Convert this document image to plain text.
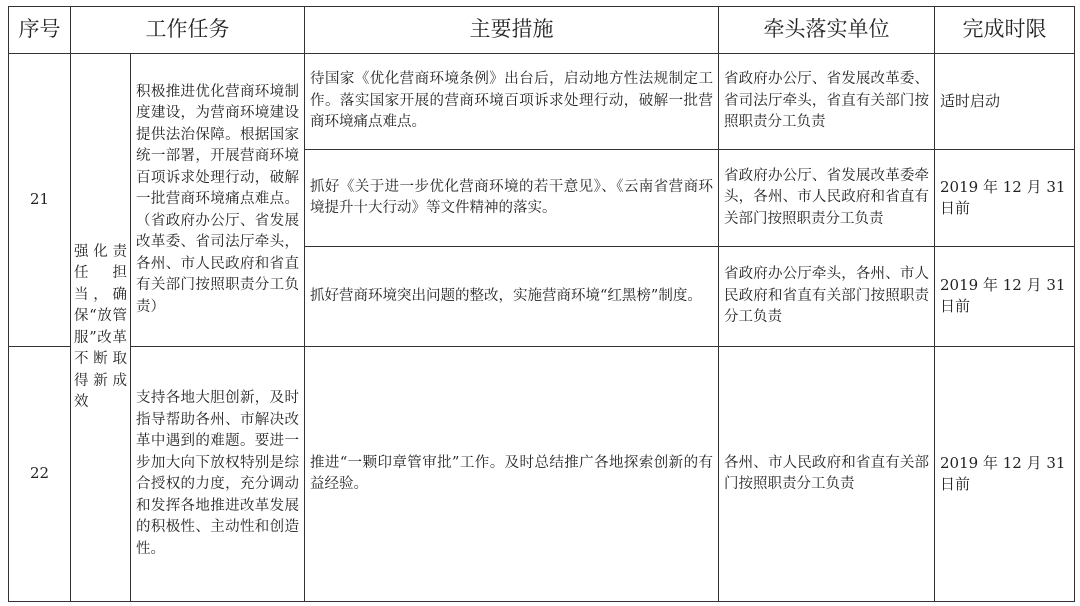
序号	工作任务		主要措施	牵头落实单位	完成时限
21	强化责任担当，确保“放管服”改革不断取得新成效	积极推进优化营商环境制度建设，为营商环境建设提供法治保障。根据国家统一部署，开展营商环境百项诉求处理行动，破解一批营商环境痛点难点。（省政府办公厅、省发展改革委、省司法厅牵头，各州、市人民政府和省直有关部门按照职责分工负责）	待国家《优化营商环境条例》出台后，启动地方性法规制定工作。落实国家开展的营商环境百项诉求处理行动，破解一批营商环境痛点难点。	省政府办公厅、省发展改革委、省司法厅牵头，省直有关部门按照职责分工负责	适时启动
			抓好《关于进一步优化营商环境的若干意见》、《云南省营商环境提升十大行动》等文件精神的落实。	省政府办公厅、省发展改革委牵头，各州、市人民政府和省直有关部门按照职责分工负责	2019 年 12 月 31 日前
			抓好营商环境突出问题的整改，实施营商环境“红黑榜”制度。	省政府办公厅牵头，各州、市人民政府和省直有关部门按照职责分工负责	2019 年 12 月 31 日前
22		支持各地大胆创新，及时指导帮助各州、市解决改革中遇到的难题。要进一步加大向下放权特别是综合授权的力度，充分调动和发挥各地推进改革发展的积极性、主动性和创造性。	推进“一颗印章管审批”工作。及时总结推广各地探索创新的有益经验。	各州、市人民政府和省直有关部门按照职责分工负责	2019 年 12 月 31 日前
